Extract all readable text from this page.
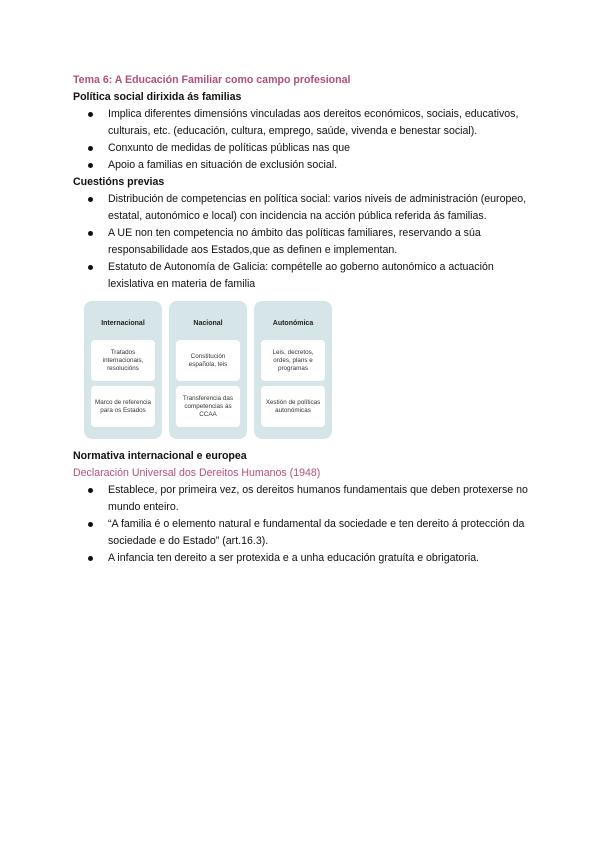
Tema 6: A Educación Familiar como campo profesional
Política social dirixida ás familias
Implica diferentes dimensións vinculadas aos dereitos económicos, sociais, educativos, culturais, etc. (educación, cultura, emprego, saúde, vivenda e benestar social).
Conxunto de medidas de políticas públicas nas que
Apoio a familias en situación de exclusión social.
Cuestións previas
Distribución de competencias en política social: varios niveis de administración (europeo, estatal, autonómico e local) con incidencia na acción pública referida ás familias.
A UE non ten competencia no ámbito das políticas familiares, reservando a súa responsabilidade aos Estados,que as definen e implementan.
Estatuto de Autonomía de Galicia: compételle ao goberno autonómico a actuación lexislativa en materia de familia
Internacional
Tratados internacionais, resolucións
Marco de referencia para os Estados
Nacional
Constitución española, leis
Transferencia das competencias ás CCAA
Autonómica
Leis, decretos, ordes, plans e programas
Xestión de políticas autonómicas
Normativa internacional e europea
Declaración Universal dos Dereitos Humanos (1948)
Establece, por primeira vez, os dereitos humanos fundamentais que deben protexerse no mundo enteiro.
“A familia é o elemento natural e fundamental da sociedade e ten dereito á protección da sociedade e do Estado” (art.16.3).
A infancia ten dereito a ser protexida e a unha educación gratuíta e obrigatoria.
